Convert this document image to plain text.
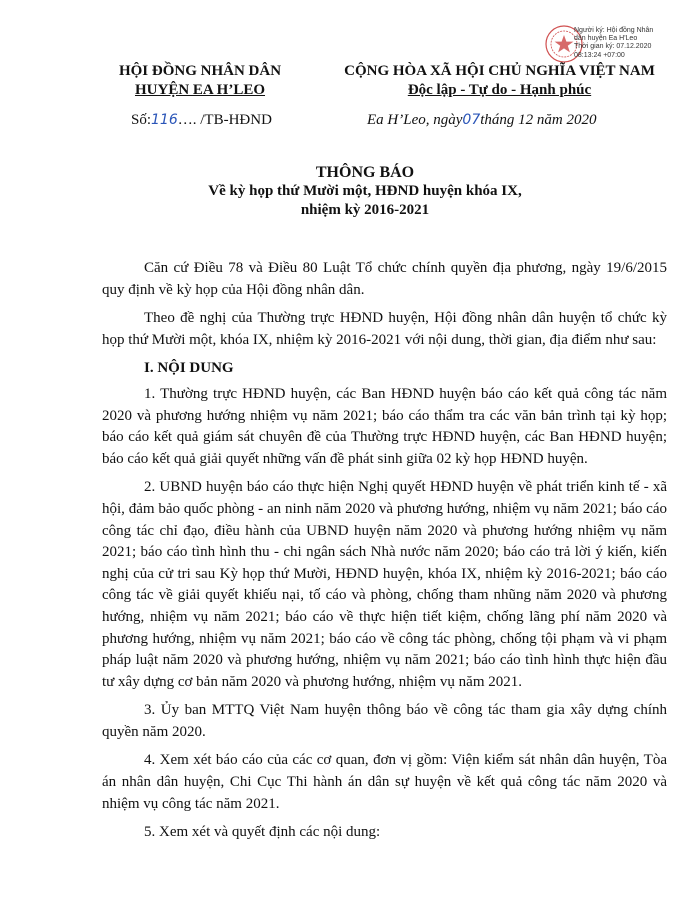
Người ký: Hội đồng Nhân
dân huyện Ea H'Leo
Thời gian ký: 07.12.2020
08:13:24 +07:00
HỘI ĐỒNG NHÂN DÂN
HUYỆN EA H’LEO
CỘNG HÒA XÃ HỘI CHỦ NGHĨA VIỆT NAM
Độc lập - Tự do - Hạnh phúc
Số:116…. /TB-HĐND	Ea H’Leo, ngày07tháng 12 năm 2020
THÔNG BÁO
Về kỳ họp thứ Mười một, HĐND huyện khóa IX,
nhiệm kỳ 2016-2021

Căn cứ Điều 78 và Điều 80 Luật Tổ chức chính quyền địa phương, ngày 19/6/2015 quy định về kỳ họp của Hội đồng nhân dân.

Theo đề nghị của Thường trực HĐND huyện, Hội đồng nhân dân huyện tổ chức kỳ họp thứ Mười một, khóa IX, nhiệm kỳ 2016-2021 với nội dung, thời gian, địa điểm như sau:

I. NỘI DUNG

1. Thường trực HĐND huyện, các Ban HĐND huyện báo cáo kết quả công tác năm 2020 và phương hướng nhiệm vụ năm 2021; báo cáo thẩm tra các văn bản trình tại kỳ họp; báo cáo kết quả giám sát chuyên đề của Thường trực HĐND huyện, các Ban HĐND huyện; báo cáo kết quả giải quyết những vấn đề phát sinh giữa 02 kỳ họp HĐND huyện.

2. UBND huyện báo cáo thực hiện Nghị quyết HĐND huyện về phát triển kinh tế - xã hội, đảm bảo quốc phòng - an ninh năm 2020 và phương hướng, nhiệm vụ năm 2021; báo cáo công tác chỉ đạo, điều hành của UBND huyện năm 2020 và phương hướng nhiệm vụ năm 2021; báo cáo tình hình thu - chi ngân sách Nhà nước năm 2020; báo cáo trả lời ý kiến, kiến nghị của cử tri sau Kỳ họp thứ Mười, HĐND huyện, khóa IX, nhiệm kỳ 2016-2021; báo cáo công tác về giải quyết khiếu nại, tố cáo và phòng, chống tham nhũng năm 2020 và phương hướng, nhiệm vụ năm 2021; báo cáo về thực hiện tiết kiệm, chống lãng phí năm 2020 và phương hướng, nhiệm vụ năm 2021; báo cáo về công tác phòng, chống tội phạm và vi phạm pháp luật năm 2020 và phương hướng, nhiệm vụ năm 2021; báo cáo tình hình thực hiện đầu tư xây dựng cơ bản năm 2020 và phương hướng, nhiệm vụ năm 2021.

3. Ủy ban MTTQ Việt Nam huyện thông báo về công tác tham gia xây dựng chính quyền năm 2020.

4. Xem xét báo cáo của các cơ quan, đơn vị gồm: Viện kiểm sát nhân dân huyện, Tòa án nhân dân huyện, Chi Cục Thi hành án dân sự huyện về kết quả công tác năm 2020 và nhiệm vụ công tác năm 2021.

5. Xem xét và quyết định các nội dung:
